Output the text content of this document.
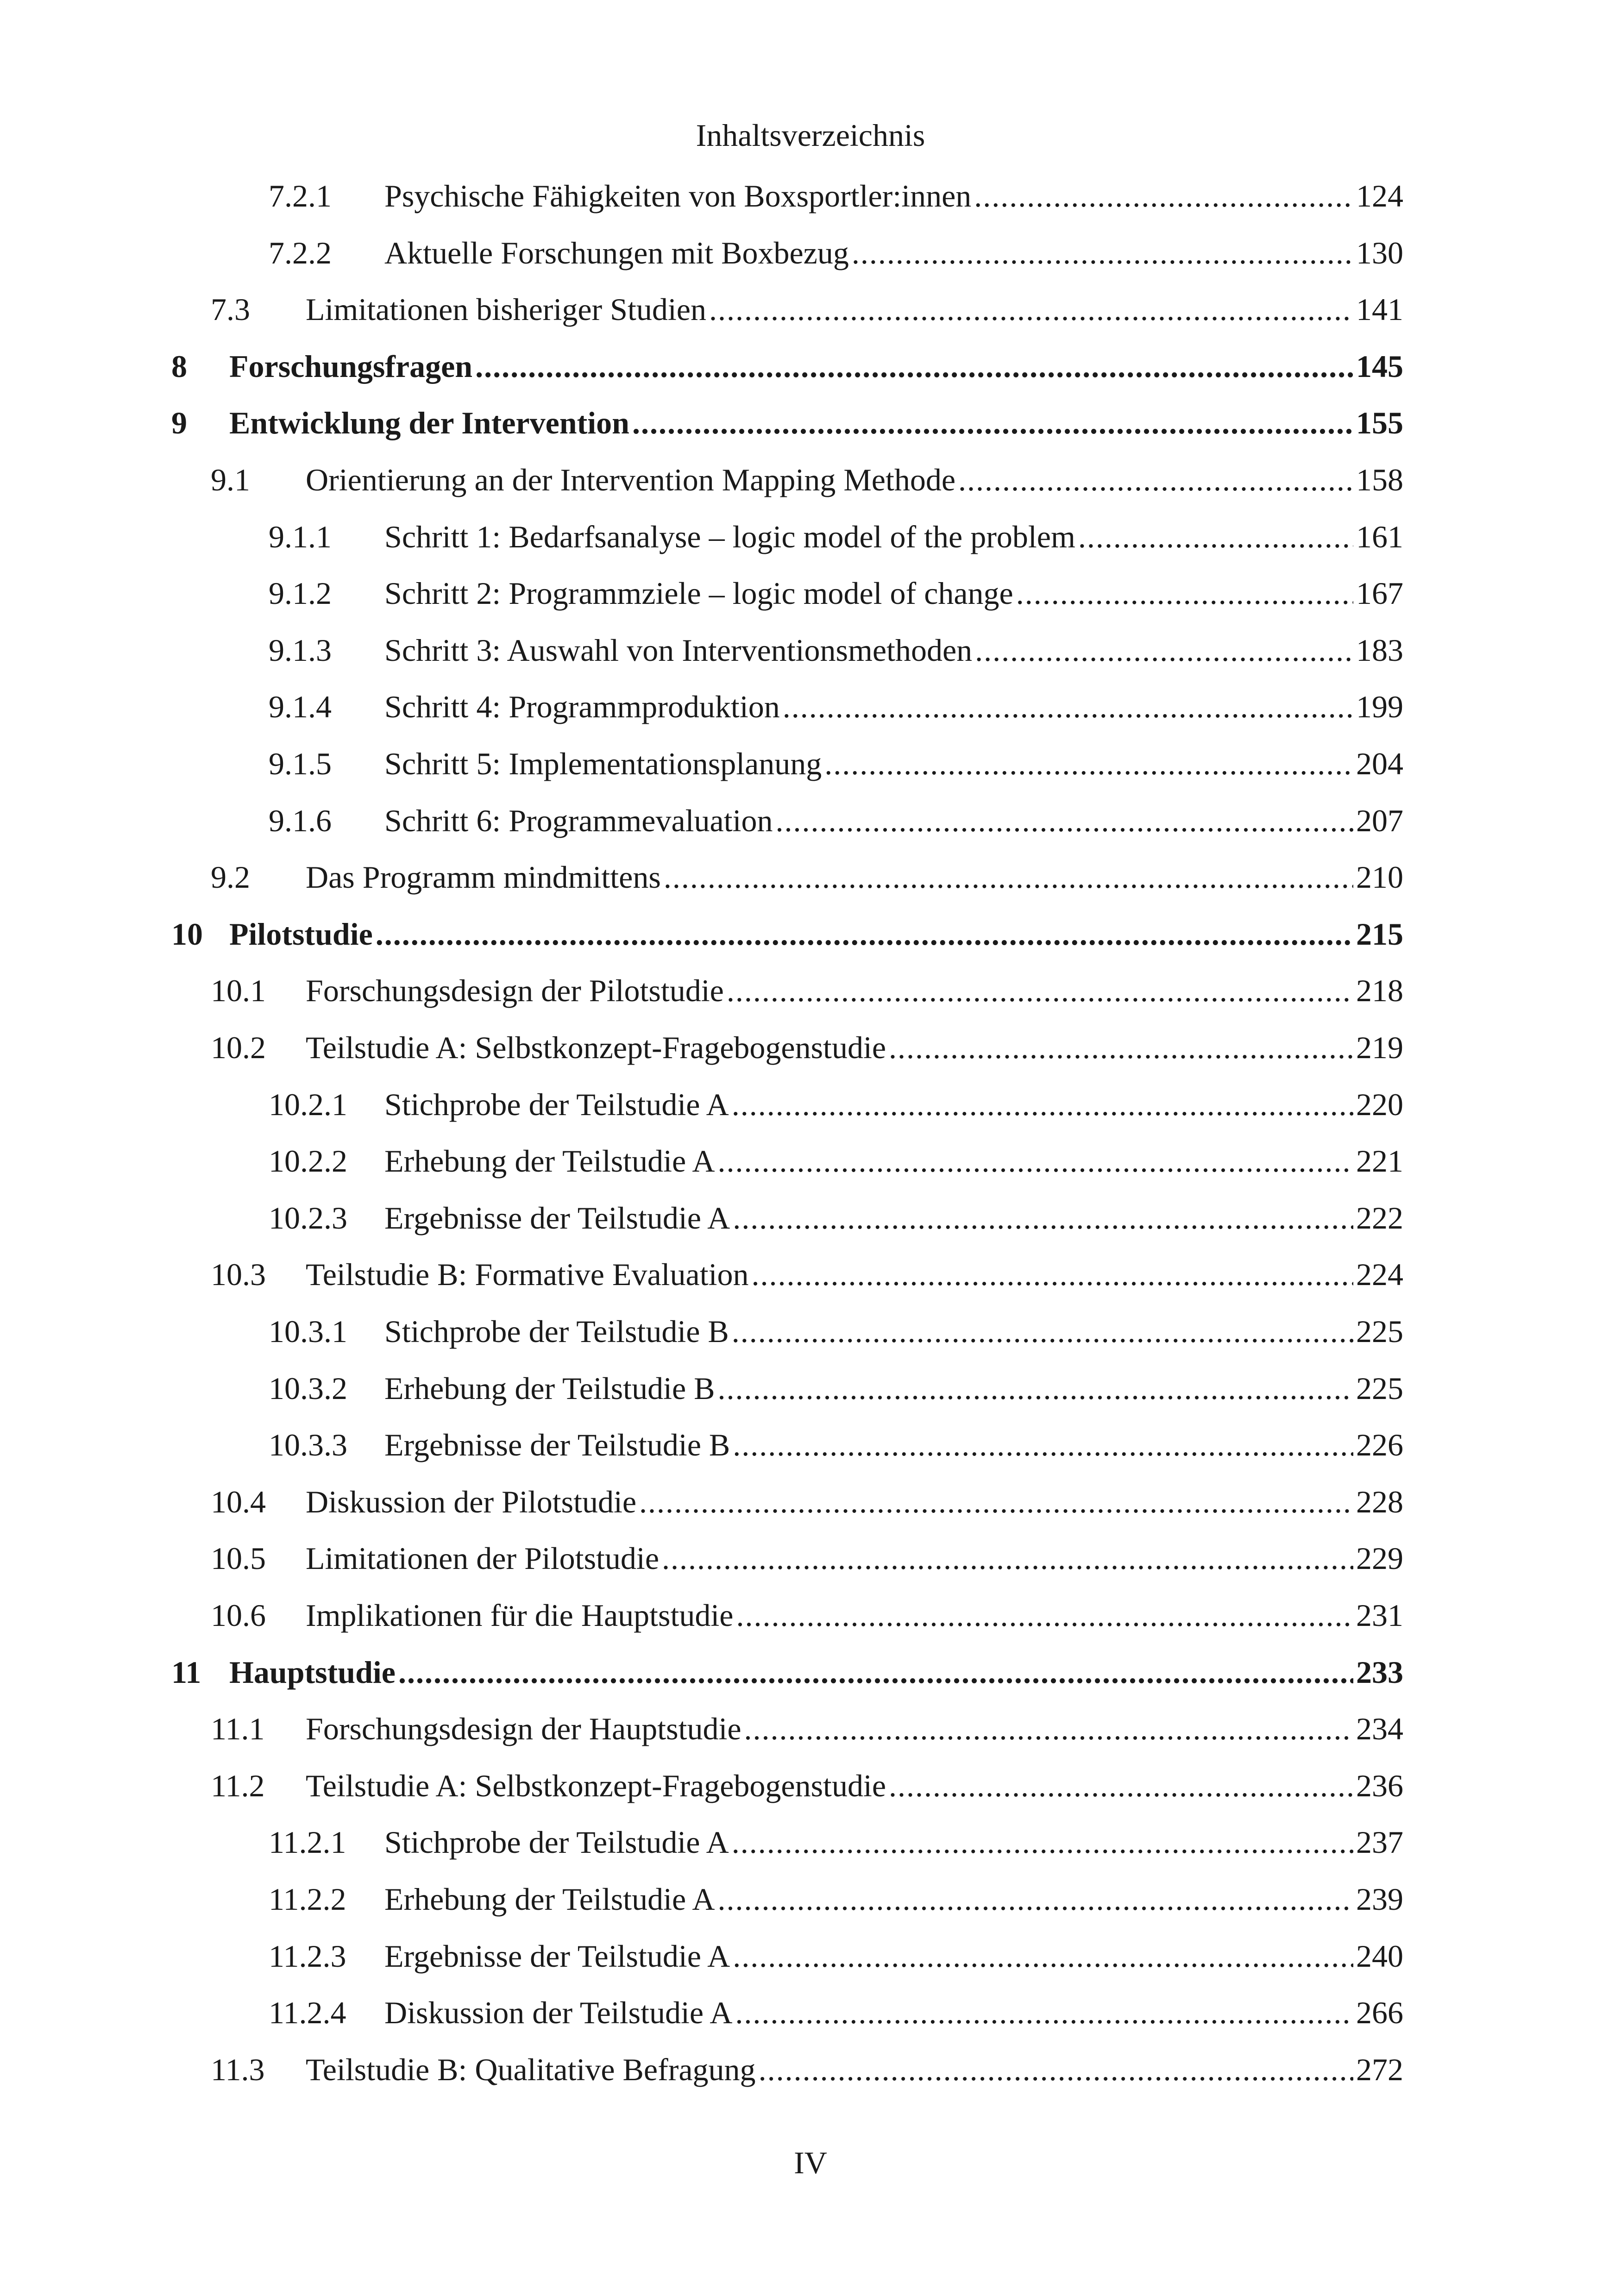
Inhaltsverzeichnis
7.2.1	Psychische Fähigkeiten von Boxsportler:innen .....	124
7.2.2	Aktuelle Forschungen mit Boxbezug .....	130
7.3	Limitationen bisheriger Studien .....	141
8	Forschungsfragen .....	145
9	Entwicklung der Intervention .....	155
9.1	Orientierung an der Intervention Mapping Methode .....	158
9.1.1	Schritt 1: Bedarfsanalyse – logic model of the problem .....	161
9.1.2	Schritt 2: Programmziele – logic model of change .....	167
9.1.3	Schritt 3: Auswahl von Interventionsmethoden .....	183
9.1.4	Schritt 4: Programmproduktion .....	199
9.1.5	Schritt 5: Implementationsplanung .....	204
9.1.6	Schritt 6: Programmevaluation .....	207
9.2	Das Programm mindmittens .....	210
10 Pilotstudie .....	215
10.1	Forschungsdesign der Pilotstudie .....	218
10.2	Teilstudie A: Selbstkonzept-Fragebogenstudie .....	219
10.2.1	Stichprobe der Teilstudie A .....	220
10.2.2	Erhebung der Teilstudie A .....	221
10.2.3	Ergebnisse der Teilstudie A .....	222
10.3	Teilstudie B: Formative Evaluation .....	224
10.3.1	Stichprobe der Teilstudie B .....	225
10.3.2	Erhebung der Teilstudie B .....	225
10.3.3	Ergebnisse der Teilstudie B .....	226
10.4	Diskussion der Pilotstudie .....	228
10.5	Limitationen der Pilotstudie .....	229
10.6	Implikationen für die Hauptstudie .....	231
11 Hauptstudie .....	233
11.1	Forschungsdesign der Hauptstudie .....	234
11.2	Teilstudie A: Selbstkonzept-Fragebogenstudie .....	236
11.2.1	Stichprobe der Teilstudie A .....	237
11.2.2	Erhebung der Teilstudie A .....	239
11.2.3	Ergebnisse der Teilstudie A .....	240
11.2.4	Diskussion der Teilstudie A .....	266
11.3	Teilstudie B: Qualitative Befragung .....	272
IV
